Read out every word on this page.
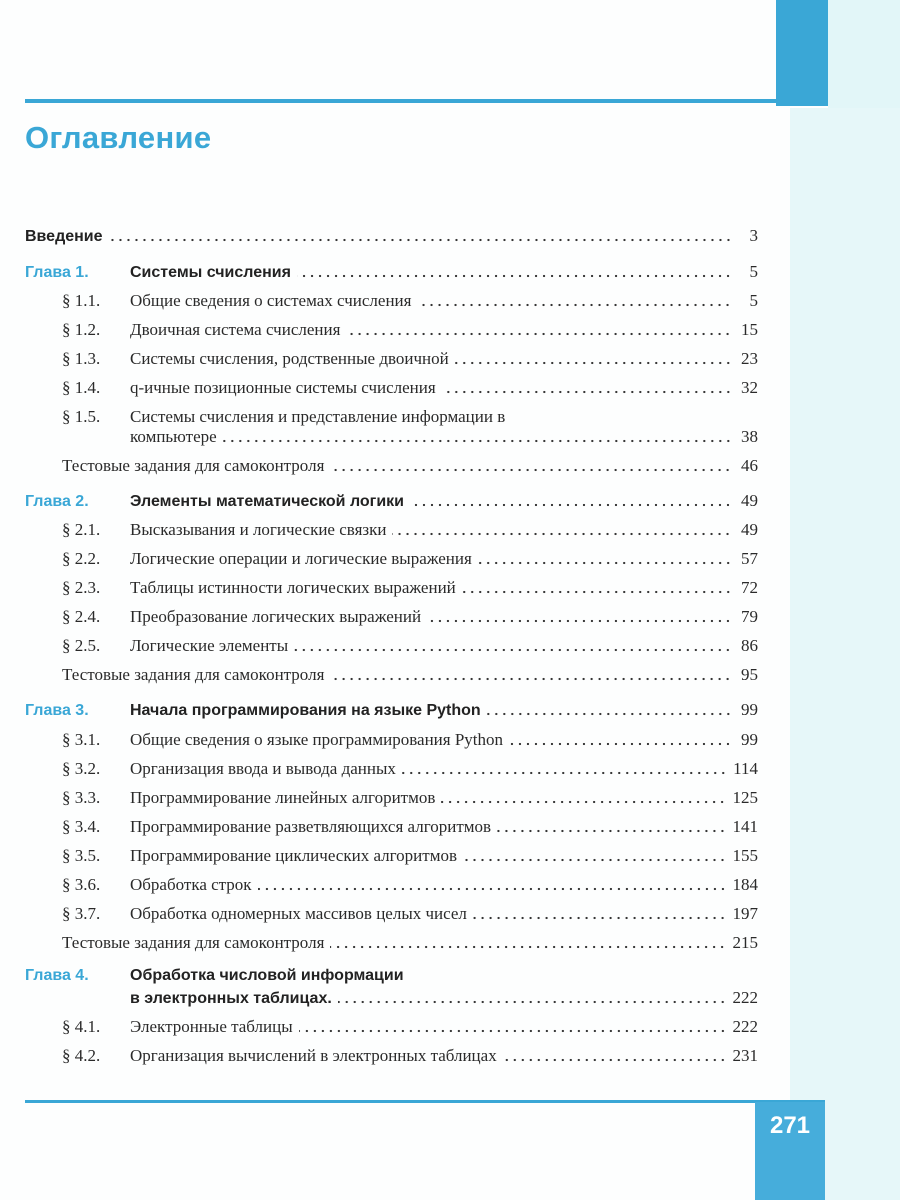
Оглавление
Введение	3
Глава 1.	Системы счисления	5
§ 1.1.	Общие сведения о системах счисления	5
§ 1.2.	Двоичная система счисления	15
§ 1.3.	Системы счисления, родственные двоичной	23
§ 1.4.	q-ичные позиционные системы счисления	32
§ 1.5.	Системы счисления и представление информации в
компьютере	38
Тестовые задания для самоконтроля	46
Глава 2.	Элементы математической логики	49
§ 2.1.	Высказывания и логические связки	49
§ 2.2.	Логические операции и логические выражения	57
§ 2.3.	Таблицы истинности логических выражений	72
§ 2.4.	Преобразование логических выражений	79
§ 2.5.	Логические элементы	86
Тестовые задания для самоконтроля	95
Глава 3.	Начала программирования на языке Python	99
§ 3.1.	Общие сведения о языке программирования Python	99
§ 3.2.	Организация ввода и вывода данных	114
§ 3.3.	Программирование линейных алгоритмов	125
§ 3.4.	Программирование разветвляющихся алгоритмов	141
§ 3.5.	Программирование циклических алгоритмов	155
§ 3.6.	Обработка строк	184
§ 3.7.	Обработка одномерных массивов целых чисел	197
Тестовые задания для самоконтроля	215
Глава 4.	Обработка числовой информации
в электронных таблицах.	222
§ 4.1.	Электронные таблицы	222
§ 4.2.	Организация вычислений в электронных таблицах	231
271
